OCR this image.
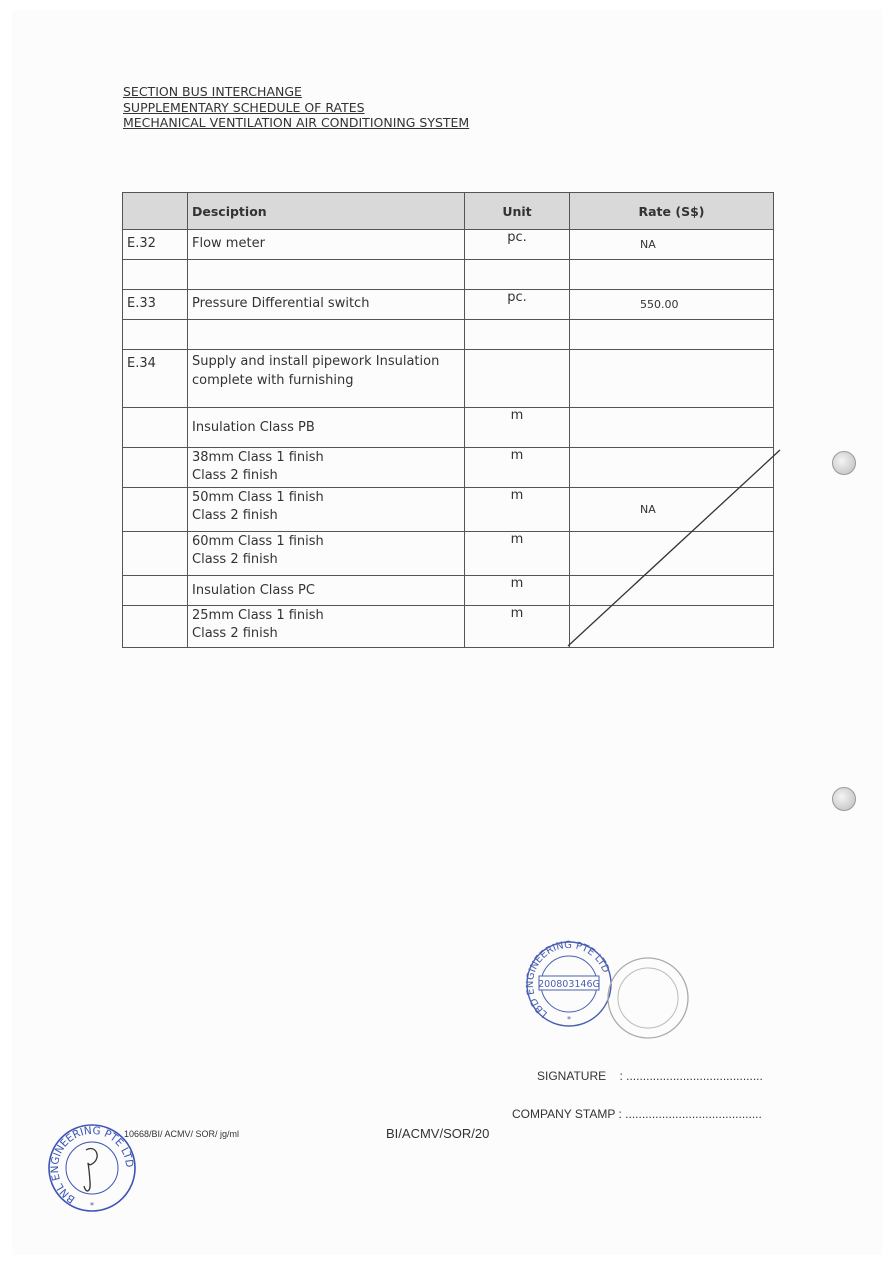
SECTION BUS INTERCHANGE
SUPPLEMENTARY SCHEDULE OF RATES
MECHANICAL VENTILATION AIR CONDITIONING SYSTEM
	Desciption	Unit	Rate (S$)

E.32	Flow meter	pc.	NA

E.33	Pressure Differential switch	pc.	550.00

E.34	Supply and install pipework Insulation
complete with furnishing		

	Insulation Class PB	m	

	38mm Class 1 finish
Class 2 finish	m	

	50mm Class 1 finish
Class 2 finish	m	NA

	60mm Class 1 finish
Class 2 finish	m	
	Insulation Class PC	m	

	25mm Class 1 finish
Class 2 finish	m	
LBD ENGINEERING PTE LTD
200803146G
*
SIGNATURE : .........................................
COMPANY STAMP : .........................................
BNL ENGINEERING PTE LTD
*
10668/BI/ ACMV/ SOR/ jg/ml	BI/ACMV/SOR/20
